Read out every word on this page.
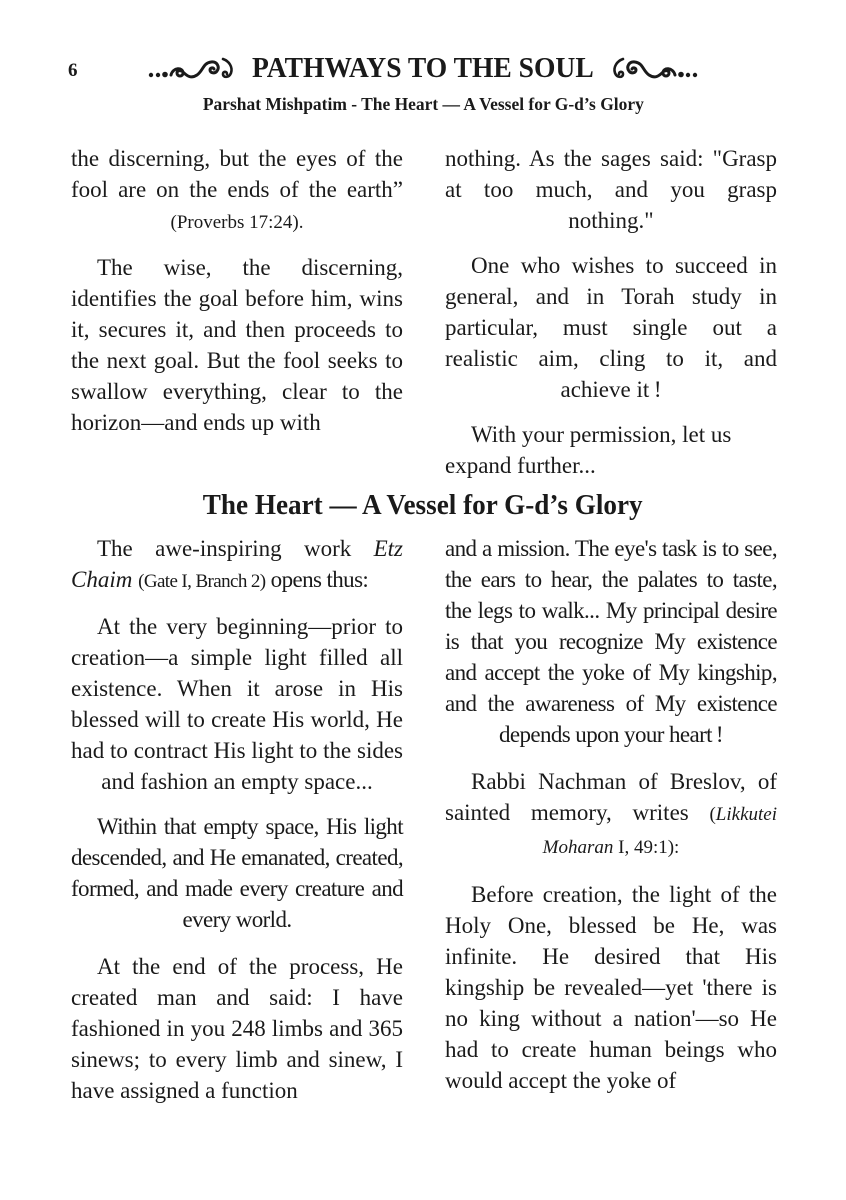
6	PATHWAYS TO THE SOUL
Parshat Mishpatim - The Heart — A Vessel for G-d’s Glory

the discerning, but the eyes of the fool are on the ends of the earth” (Proverbs 17:24).

The wise, the discerning, identifies the goal before him, wins it, secures it, and then proceeds to the next goal. But the fool seeks to swallow everything, clear to the horizon—and ends up with

nothing. As the sages said: "Grasp at too much, and you grasp nothing."

One who wishes to succeed in general, and in Torah study in particular, must single out a realistic aim, cling to it, and achieve it !

With your permission, let us expand further...

The Heart — A Vessel for G-d’s Glory

The awe-inspiring work Etz Chaim (Gate I, Branch 2) opens thus:

At the very beginning—prior to creation—a simple light filled all existence. When it arose in His blessed will to create His world, He had to contract His light to the sides and fashion an empty space...

Within that empty space, His light descended, and He emanated, created, formed, and made every creature and every world.

At the end of the process, He created man and said: I have fashioned in you 248 limbs and 365 sinews; to every limb and sinew, I have assigned a function

and a mission. The eye's task is to see, the ears to hear, the palates to taste, the legs to walk... My principal desire is that you recognize My existence and accept the yoke of My kingship, and the awareness of My existence depends upon your heart !

Rabbi Nachman of Breslov, of sainted memory, writes (Likkutei Moharan I, 49:1):

Before creation, the light of the Holy One, blessed be He, was infinite. He desired that His kingship be revealed—yet 'there is no king without a nation'—so He had to create human beings who would accept the yoke of
